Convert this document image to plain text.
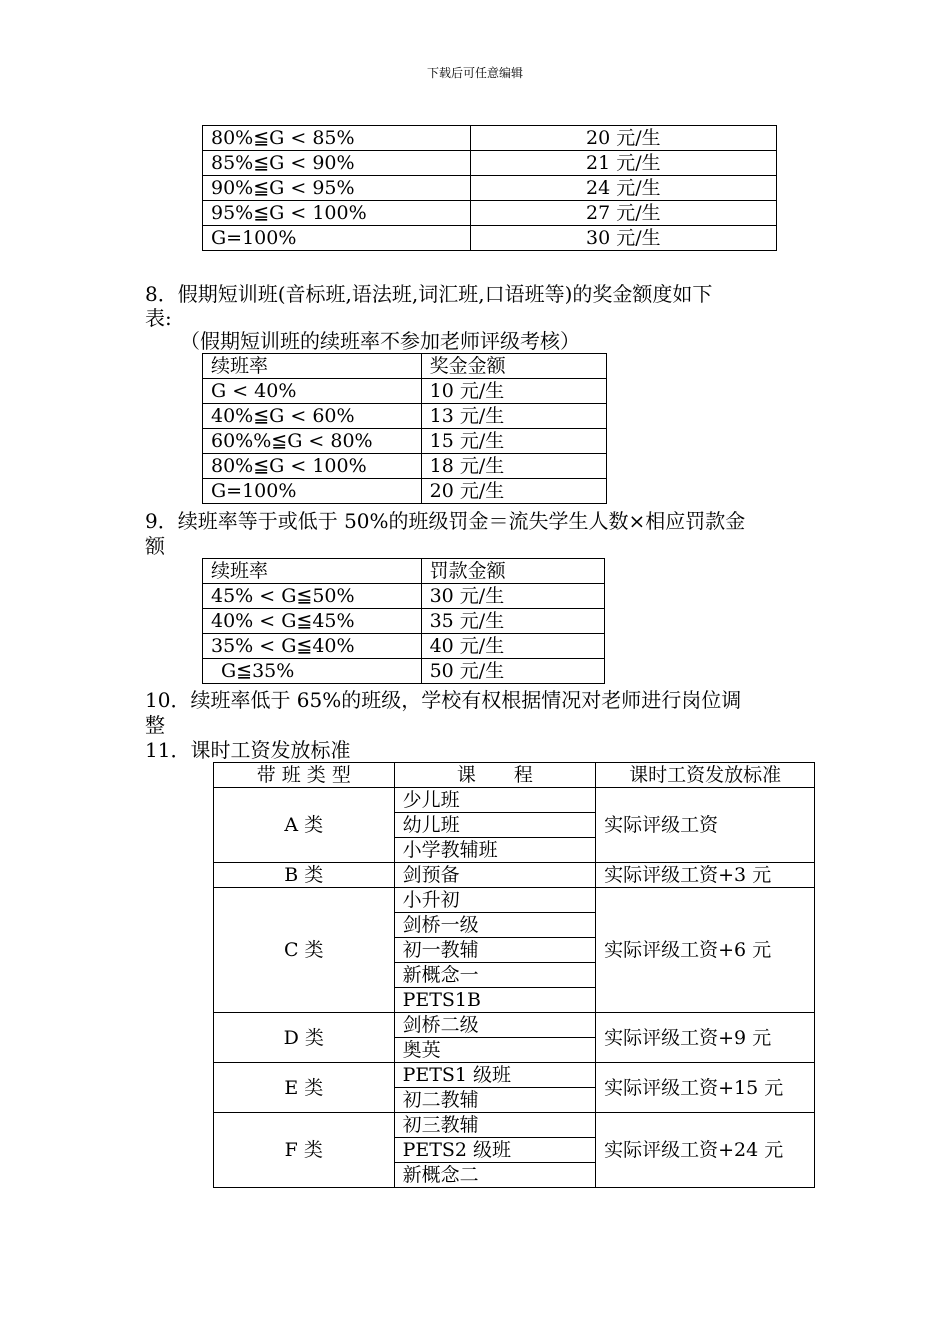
下载后可任意编辑
80%≦G < 85%	20 元/生
85%≦G < 90%	21 元/生
90%≦G < 95%	24 元/生
95%≦G < 100%	27 元/生
G=100%	30 元/生
8．假期短训班(音标班,语法班,词汇班,口语班等)的奖金额度如下
表:
（假期短训班的续班率不参加老师评级考核）
续班率	奖金金额
G < 40%	10 元/生
40%≦G < 60%	13 元/生
60%%≦G < 80%	15 元/生
80%≦G < 100%	18 元/生
G=100%	20 元/生
9．续班率等于或低于 50%的班级罚金＝流失学生人数×相应罚款金
额
续班率	罚款金额
45% < G≦50%	30 元/生
40% < G≦45%	35 元/生
35% < G≦40%	40 元/生
G≦35%	50 元/生
10．续班率低于 65%的班级，学校有权根据情况对老师进行岗位调
整
11．课时工资发放标准
带 班 类 型	课　　程	课时工资发放标准
A 类	少儿班	实际评级工资
	幼儿班	
	小学教辅班	
B 类	剑预备	实际评级工资+3 元
C 类	小升初	实际评级工资+6 元
	剑桥一级	
	初一教辅	
	新概念一	
	PETS1B	
D 类	剑桥二级	实际评级工资+9 元
	奥英	
E 类	PETS1 级班	实际评级工资+15 元
	初二教辅	
F 类	初三教辅	实际评级工资+24 元
	PETS2 级班	
	新概念二	
